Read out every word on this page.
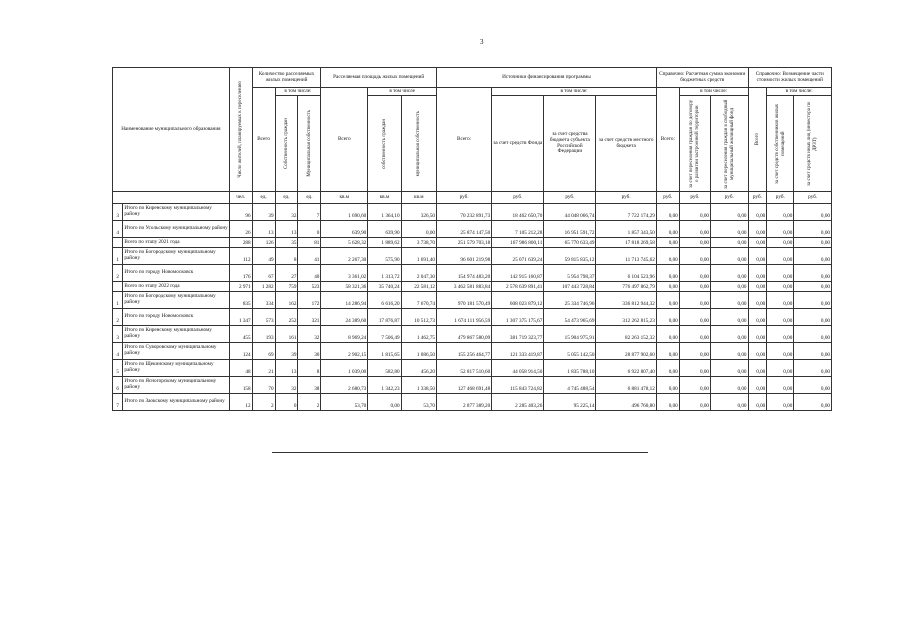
3
Наименование муниципального образования		Число жителей, планируемых к переселению	Количество расселяемых жилых помещений			Расселяемая площадь жилых помещений			Источники финансирования программы				Справочно: Расчетная сумма экономии бюджетных средств			Справочно: Возмещение части стоимости жилых помещений		
			Всего	в том числе:		Всего	в том числе		Всего:	в том числе:			Всего:	в том числе:		Всего	в том числе:	

				Собственность граждан	Муниципальная собственность		собственность граждан	муниципальная собственность		за счет средств Фонда	за счет средства бюджета субъекта Российской Федерации	за счет средств местного бюджета		за счет переселения граждан по договору о развитии застроенной территории	за счет переселения граждан в свободный муниципальный жилищный фонд		за счет средств собственников жилых помещений	за счет средств иных лиц (инвестора по ДРЗТ)

		чел.	ед.	ед.	ед.	кв.м	кв.м	кв.м	руб.	руб.	руб.	руб.	руб.	руб.	руб.	руб.	руб.	руб.
3	Итого по Киренскому муниципальному району	96	39	32	7	1 690,60	1 364,10	326,50	70 232 891,73	18 462 650,70	44 048 066,74	7 722 174,29	0,00	0,00	0,00	0,00	0,00	0,00
4	Итого по Усольскому муниципальному району	26	13	13	0	639,90	639,90	0,00	25 874 147,50	7 105 212,28	16 951 591,72	1 857 343,50	0,00	0,00	0,00	0,00	0,00	0,00
	Всего по этапу 2021 года	288	126	35	81	5 628,32	1 889,62	3 738,70	251 579 703,18	167 986 800,11	65 770 633,49	17 818 269,58	0,00	0,00	0,00	0,00	0,00	0,00
1	Итого по Богородскому муниципальному району	112	49	8	41	2 267,30	575,90	1 691,40	96 601 219,98	25 071 639,24	59 815 835,12	11 713 745,62	0,00	0,00	0,00	0,00	0,00	0,00
2	Итого по городу Новомосковск	176	67	27	40	3 361,02	1 313,72	2 047,30	154 974 483,20	142 915 160,87	5 954 798,37	6 104 523,96	0,00	0,00	0,00	0,00	0,00	0,00
	Всего по этапу 2022 года	2 971	1 282	759	523	58 321,36	35 740,24	22 581,12	3 462 581 883,84	2 578 639 891,41	107 443 728,84	776 497 862,79	0,00	0,00	0,00	0,00	0,00	0,00
1	Итого по Богородскому муниципальному району	835	334	162	172	14 286,94	6 616,20	7 670,74	970 181 570,49	608 023 879,12	25 334 746,96	336 812 944,32	0,00	0,00	0,00	0,00	0,00	0,00
2	Итого по городу Новомосковск	1 347	573	252	321	24 389,60	17 876,87	10 512,73	1 674 111 956,59	1 307 375 175,67	54 473 965,69	312 262 815,23	0,00	0,00	0,00	0,00	0,00	0,00
3	Итого по Киренскому муниципальному району	455	193	161	32	8 969,24	7 506,49	1 462,75	479 867 580,09	381 719 323,77	15 904 975,91	82 263 152,32	0,00	0,00	0,00	0,00	0,00	0,00
4	Итого по Суворовскому муниципальному району	124	69	39	30	2 902,15	1 815,65	1 086,50	155 256 464,77	121 333 419,87	5 055 142,50	28 877 902,60	0,00	0,00	0,00	0,00	0,00	0,00
5	Итого по Щекинскому муниципальному району	48	21	13	8	1 039,00	582,80	456,20	52 817 510,60	44 058 914,50	1 835 788,10	6 922 807,40	0,00	0,00	0,00	0,00	0,00	0,00
6	Итого по Ясногорскому муниципальному району	158	70	32	38	2 680,73	1 342,23	1 338,50	127 468 691,48	115 843 724,82	4 745 488,54	6 881 478,12	0,00	0,00	0,00	0,00	0,00	0,00
7	Итого по Заокскому муниципальному району	12	2	0	2	53,70	0,00	53,70	2 877 389,20	2 285 403,26	95 225,14	496 760,80	0,00	0,00	0,00	0,00	0,00	0,00
